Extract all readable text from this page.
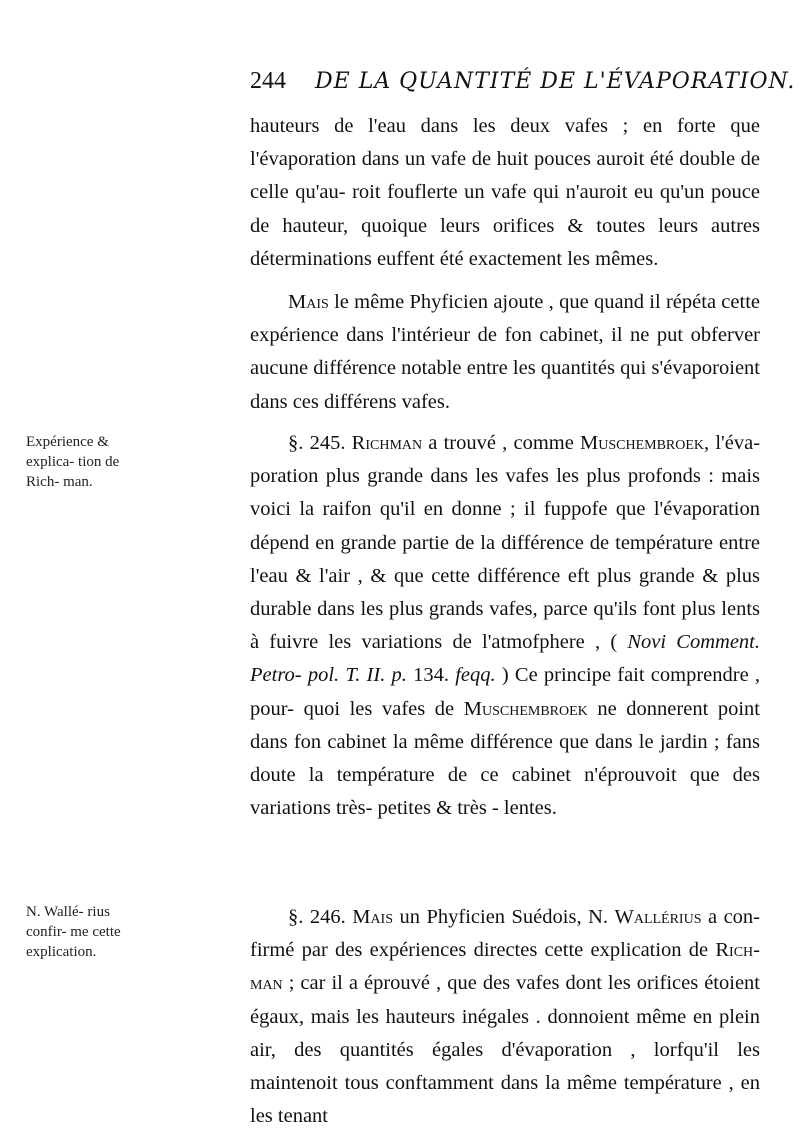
244 DE LA QUANTITÉ DE L'ÉVAPORATION.

hauteurs de l'eau dans les deux vafes ; en forte que l'évaporation dans un vafe de huit pouces auroit été double de celle qu'au- roit fouflerte un vafe qui n'auroit eu qu'un pouce de hauteur, quoique leurs orifices & toutes leurs autres déterminations euffent été exactement les mêmes.

Mais le même Phyficien ajoute , que quand il répéta cette expérience dans l'intérieur de fon cabinet, il ne put obferver aucune différence notable entre les quantités qui s'évaporoient dans ces différens vafes.

§. 245. Richman a trouvé , comme Muschembroek, l'éva- poration plus grande dans les vafes les plus profonds : mais voici la raifon qu'il en donne ; il fuppofe que l'évaporation dépend en grande partie de la différence de température entre l'eau & l'air , & que cette différence eft plus grande & plus durable dans les plus grands vafes, parce qu'ils font plus lents à fuivre les variations de l'atmofphere , ( Novi Comment. Petro- pol. T. II. p. 134. feqq. ) Ce principe fait comprendre , pour- quoi les vafes de Muschembroek ne donnerent point dans fon cabinet la même différence que dans le jardin ; fans doute la température de ce cabinet n'éprouvoit que des variations très- petites & très - lentes.

§. 246. Mais un Phyficien Suédois, N. Wallérius a con- firmé par des expériences directes cette explication de Rich- man ; car il a éprouvé , que des vafes dont les orifices étoient égaux, mais les hauteurs inégales . donnoient même en plein air, des quantités égales d'évaporation , lorfqu'il les maintenoit tous conftamment dans la même température , en les tenant

Expérience & explica- tion de Rich- man.
N. Wallé- rius confir- me cette explication.
